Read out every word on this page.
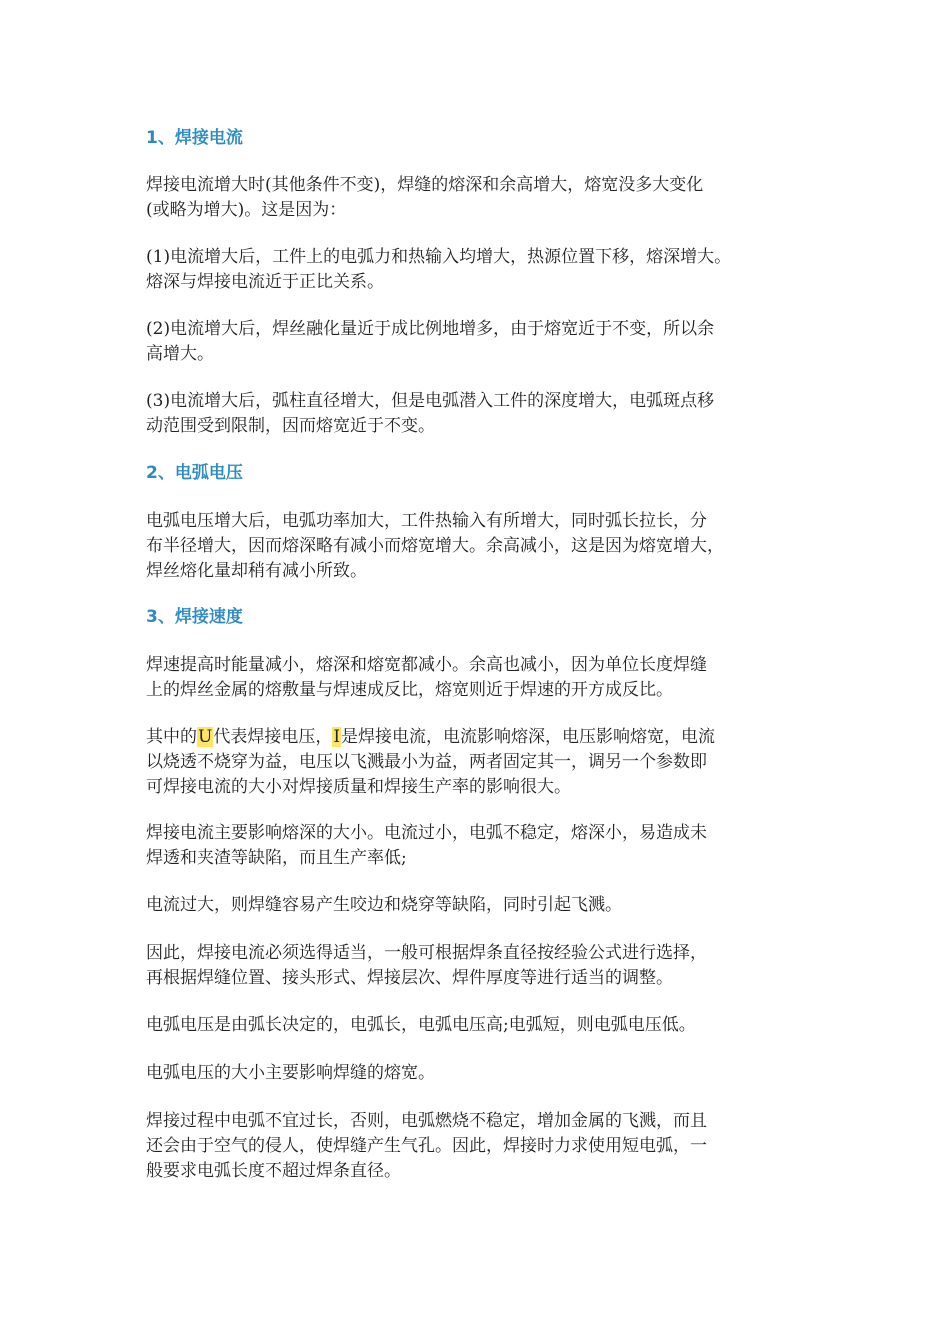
1、焊接电流
焊接电流增大时(其他条件不变)，焊缝的熔深和余高增大，熔宽没多大变化
(或略为增大)。这是因为：
(1)电流增大后，工件上的电弧力和热输入均增大，热源位置下移，熔深增大。
熔深与焊接电流近于正比关系。
(2)电流增大后，焊丝融化量近于成比例地增多，由于熔宽近于不变，所以余
高增大。
(3)电流增大后，弧柱直径增大，但是电弧潜入工件的深度增大，电弧斑点移
动范围受到限制，因而熔宽近于不变。
2、电弧电压
电弧电压增大后，电弧功率加大，工件热输入有所增大，同时弧长拉长，分
布半径增大，因而熔深略有减小而熔宽增大。余高减小，这是因为熔宽增大，
焊丝熔化量却稍有减小所致。
3、焊接速度
焊速提高时能量减小，熔深和熔宽都减小。余高也减小，因为单位长度焊缝
上的焊丝金属的熔敷量与焊速成反比，熔宽则近于焊速的开方成反比。
其中的U代表焊接电压，I是焊接电流，电流影响熔深，电压影响熔宽，电流
以烧透不烧穿为益，电压以飞溅最小为益，两者固定其一，调另一个参数即
可焊接电流的大小对焊接质量和焊接生产率的影响很大。
焊接电流主要影响熔深的大小。电流过小，电弧不稳定，熔深小，易造成未
焊透和夹渣等缺陷，而且生产率低;
电流过大，则焊缝容易产生咬边和烧穿等缺陷，同时引起飞溅。
因此，焊接电流必须选得适当，一般可根据焊条直径按经验公式进行选择，
再根据焊缝位置、接头形式、焊接层次、焊件厚度等进行适当的调整。
电弧电压是由弧长决定的，电弧长，电弧电压高;电弧短，则电弧电压低。
电弧电压的大小主要影响焊缝的熔宽。
焊接过程中电弧不宜过长，否则，电弧燃烧不稳定，增加金属的飞溅，而且
还会由于空气的侵人，使焊缝产生气孔。因此，焊接时力求使用短电弧，一
般要求电弧长度不超过焊条直径。
